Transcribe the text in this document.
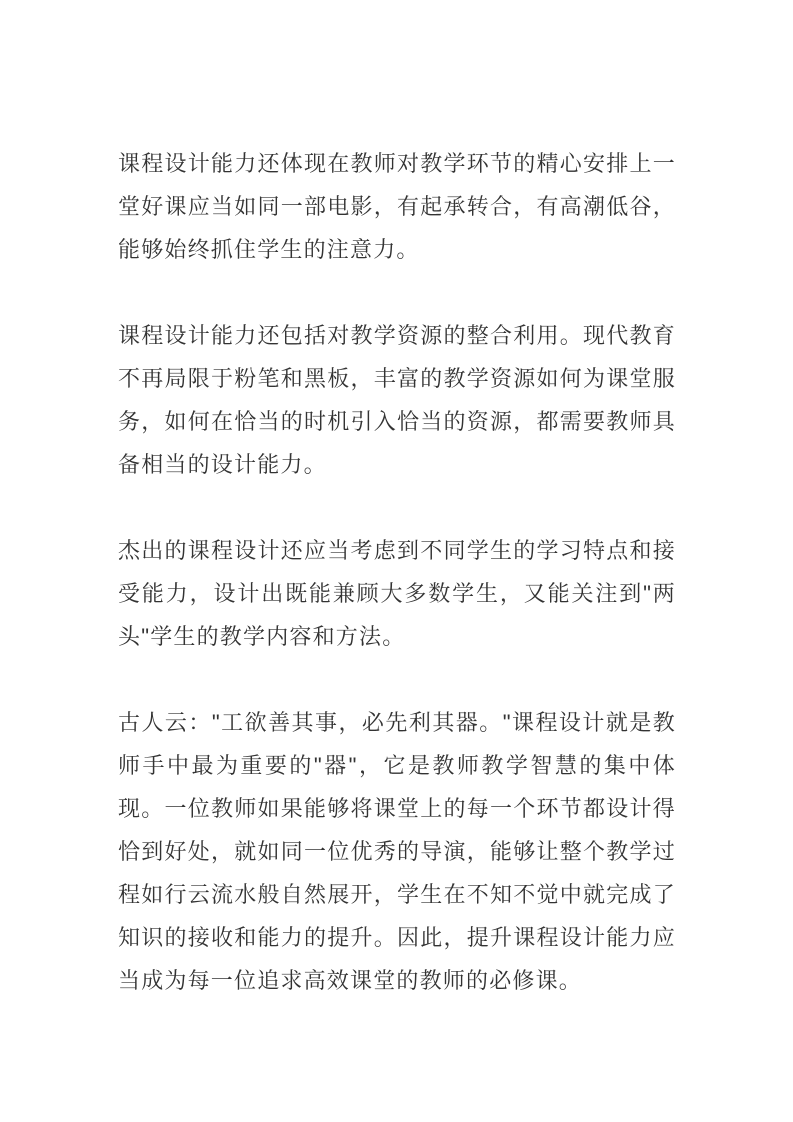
课程设计能力还体现在教师对教学环节的精心安排上一堂好课应当如同一部电影，有起承转合，有高潮低谷，能够始终抓住学生的注意力。

课程设计能力还包括对教学资源的整合利用。现代教育不再局限于粉笔和黑板，丰富的教学资源如何为课堂服务，如何在恰当的时机引入恰当的资源，都需要教师具备相当的设计能力。

杰出的课程设计还应当考虑到不同学生的学习特点和接受能力，设计出既能兼顾大多数学生，又能关注到"两头"学生的教学内容和方法。

古人云："工欲善其事，必先利其器。"课程设计就是教师手中最为重要的"器"，它是教师教学智慧的集中体现。一位教师如果能够将课堂上的每一个环节都设计得恰到好处，就如同一位优秀的导演，能够让整个教学过程如行云流水般自然展开，学生在不知不觉中就完成了知识的接收和能力的提升。因此，提升课程设计能力应当成为每一位追求高效课堂的教师的必修课。
